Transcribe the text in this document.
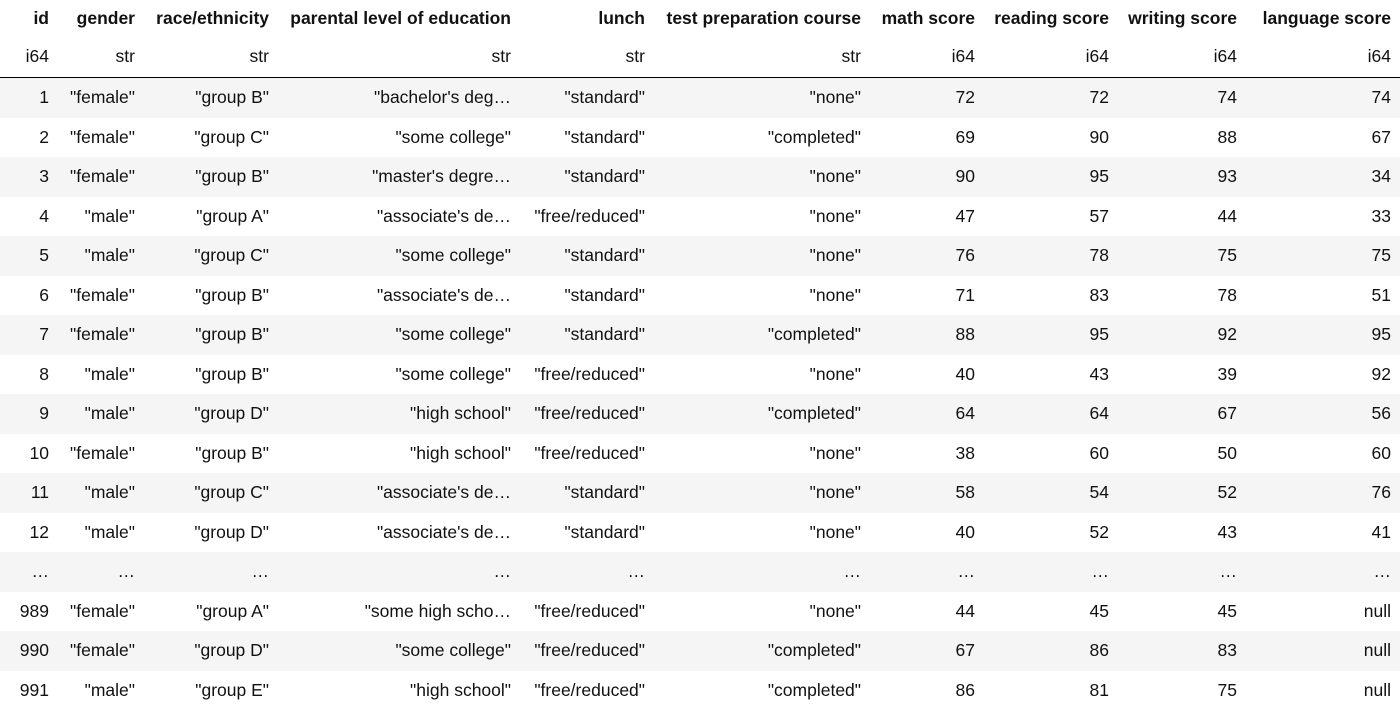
id	gender	race/ethnicity	parental level of education	lunch	test preparation course	math score	reading score	writing score	language score
i64	str	str	str	str	str	i64	i64	i64	i64
1	"female"	"group B"	"bachelor's deg…	"standard"	"none"	72	72	74	74
2	"female"	"group C"	"some college"	"standard"	"completed"	69	90	88	67
3	"female"	"group B"	"master's degre…	"standard"	"none"	90	95	93	34
4	"male"	"group A"	"associate's de…	"free/reduced"	"none"	47	57	44	33
5	"male"	"group C"	"some college"	"standard"	"none"	76	78	75	75
6	"female"	"group B"	"associate's de…	"standard"	"none"	71	83	78	51
7	"female"	"group B"	"some college"	"standard"	"completed"	88	95	92	95
8	"male"	"group B"	"some college"	"free/reduced"	"none"	40	43	39	92
9	"male"	"group D"	"high school"	"free/reduced"	"completed"	64	64	67	56
10	"female"	"group B"	"high school"	"free/reduced"	"none"	38	60	50	60
11	"male"	"group C"	"associate's de…	"standard"	"none"	58	54	52	76
12	"male"	"group D"	"associate's de…	"standard"	"none"	40	52	43	41
…	…	…	…	…	…	…	…	…	…
989	"female"	"group A"	"some high scho…	"free/reduced"	"none"	44	45	45	null
990	"female"	"group D"	"some college"	"free/reduced"	"completed"	67	86	83	null
991	"male"	"group E"	"high school"	"free/reduced"	"completed"	86	81	75	null
